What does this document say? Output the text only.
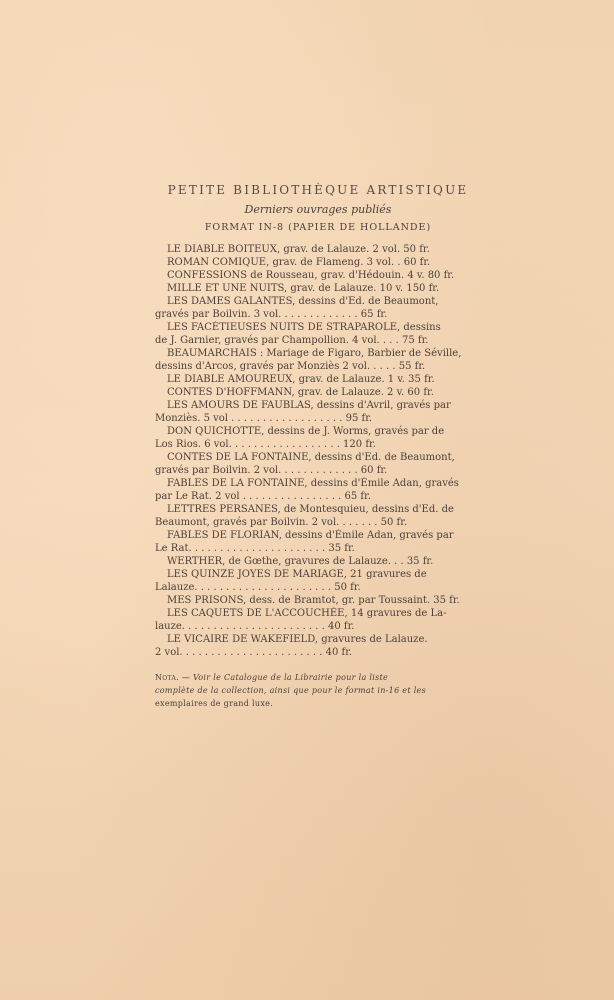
PETITE BIBLIOTHÈQUE ARTISTIQUE

Derniers ouvrages publiés

FORMAT IN-8 (PAPIER DE HOLLANDE)

LE DIABLE BOITEUX, grav. de Lalauze. 2 vol. 50 fr.
ROMAN COMIQUE, grav. de Flameng. 3 vol. . 60 fr.
CONFESSIONS de Rousseau, grav. d'Hédouin. 4 v. 80 fr.
MILLE ET UNE NUITS, grav. de Lalauze. 10 v. 150 fr.
LES DAMES GALANTES, dessins d'Ed. de Beaumont,
gravés par Boilvin. 3 vol. . . . . . . . . . . . . 65 fr.
LES FACÉTIEUSES NUITS DE STRAPAROLE, dessins
de J. Garnier, gravés par Champollion. 4 vol. . . . 75 fr.
BEAUMARCHAIS : Mariage de Figaro, Barbier de Séville,
dessins d'Arcos, gravés par Monziès 2 vol. . . . . 55 fr.
LE DIABLE AMOUREUX, grav. de Lalauze. 1 v. 35 fr.
CONTES D'HOFFMANN, grav. de Lalauze. 2 v. 60 fr.
LES AMOURS DE FAUBLAS, dessins d'Avril, gravés par
Monziès. 5 vol . . . . . . . . . . . . . . . . . . 95 fr.
DON QUICHOTTE, dessins de J. Worms, gravés par de
Los Rios. 6 vol. . . . . . . . . . . . . . . . . . 120 fr.
CONTES DE LA FONTAINE, dessins d'Ed. de Beaumont,
gravés par Boilvin. 2 vol. . . . . . . . . . . . . 60 fr.
FABLES DE LA FONTAINE, dessins d'Émile Adan, gravés
par Le Rat. 2 vol . . . . . . . . . . . . . . . . 65 fr.
LETTRES PERSANES, de Montesquieu, dessins d'Ed. de
Beaumont, gravés par Boilvin. 2 vol. . . . . . . 50 fr.
FABLES DE FLORIAN, dessins d'Émile Adan, gravés par
Le Rat. . . . . . . . . . . . . . . . . . . . . . 35 fr.
WERTHER, de Gœthe, gravures de Lalauze. . . 35 fr.
LES QUINZE JOYES DE MARIAGE, 21 gravures de
Lalauze. . . . . . . . . . . . . . . . . . . . . . 50 fr.
MES PRISONS, dess. de Bramtot, gr. par Toussaint. 35 fr.
LES CAQUETS DE L'ACCOUCHÉE, 14 gravures de La-
lauze. . . . . . . . . . . . . . . . . . . . . . . 40 fr.
LE VICAIRE DE WAKEFIELD, gravures de Lalauze.
2 vol. . . . . . . . . . . . . . . . . . . . . . . 40 fr.
Nota. — Voir le Catalogue de la Librairie pour la liste
complète de la collection, ainsi que pour le format in-16 et les
exemplaires de grand luxe.
